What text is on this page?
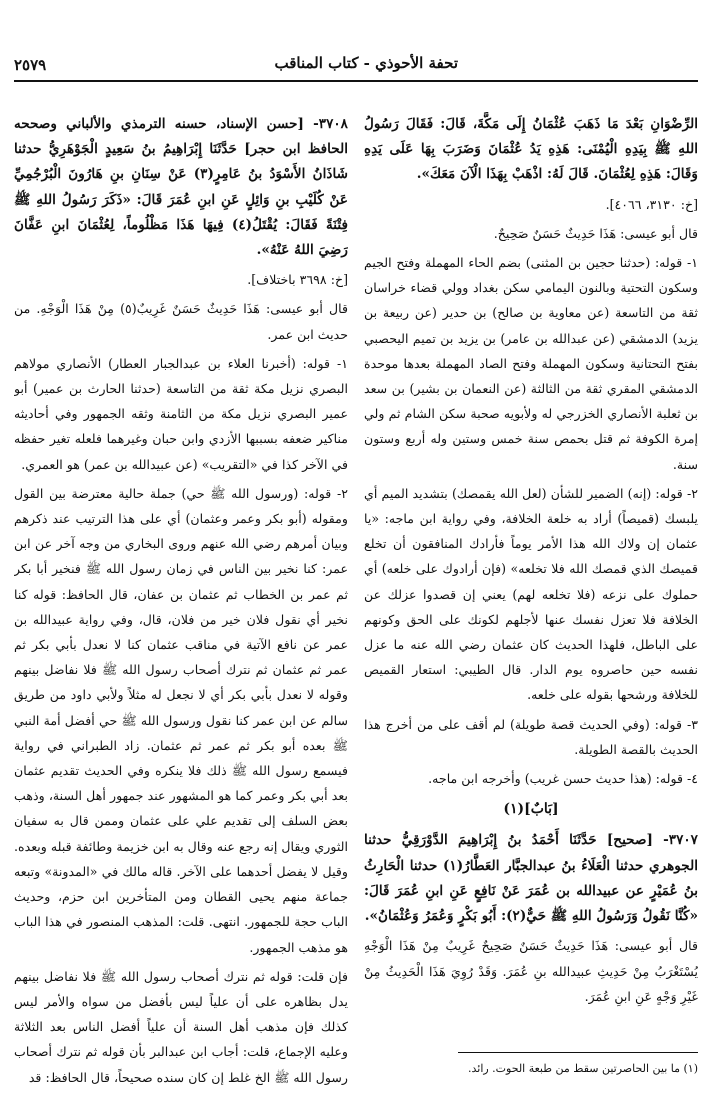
٢٥٧٩	تحفة الأحوذي - كتاب المناقب

الرِّضْوَانِ بَعْدَ مَا ذَهَبَ عُثْمَانُ إِلَى مَكَّةَ، قَالَ: فَقَالَ رَسُولُ اللهِ ﷺ بِيَدِهِ الْيُمْنَى: هَذِهِ يَدُ عُثْمَانَ وَضَرَبَ بِهَا عَلَى يَدِهِ وَقَالَ: هَذِهِ لِعُثْمَانَ. قَالَ لَهُ: اذْهَبْ بِهَذَا الْآنَ مَعَكَ».

[خ: ٣١٣٠، ٤٠٦٦].

قال أبو عيسى: هَذَا حَدِيثٌ حَسَنٌ صَحِيحٌ.

١- قوله: (حدثنا حجين بن المثنى) بضم الحاء المهملة وفتح الجيم وسكون التحتية وبالنون اليمامي سكن بغداد وولي قضاء خراسان ثقة من التاسعة (عن معاوية بن صالح) بن حدير (عن ربيعة بن يزيد) الدمشقي (عن عبدالله بن عامر) بن يزيد بن تميم اليحصبي بفتح التحتانية وسكون المهملة وفتح الصاد المهملة بعدها موحدة الدمشقي المقري ثقة من الثالثة (عن النعمان بن بشير) بن سعد بن ثعلبة الأنصاري الخزرجي له ولأبويه صحبة سكن الشام ثم ولي إمرة الكوفة ثم قتل بحمص سنة خمس وستين وله أربع وستون سنة.

٢- قوله: (إنه) الضمير للشأن (لعل الله يقمصك) بتشديد الميم أي يلبسك (قميصاً) أراد به خلعة الخلافة، وفي رواية ابن ماجه: «يا عثمان إن ولاك الله هذا الأمر يوماً فأرادك المنافقون أن تخلع قميصك الذي قمصك الله فلا تخلعه» (فإن أرادوك على خلعه) أي حملوك على نزعه (فلا تخلعه لهم) يعني إن قصدوا عزلك عن الخلافة فلا تعزل نفسك عنها لأجلهم لكونك على الحق وكونهم على الباطل، فلهذا الحديث كان عثمان رضي الله عنه ما عزل نفسه حين حاصروه يوم الدار. قال الطيبي: استعار القميص للخلافة ورشحها بقوله على خلعه.

٣- قوله: (وفي الحديث قصة طويلة) لم أقف على من أخرج هذا الحديث بالقصة الطويلة.

٤- قوله: (هذا حديث حسن غريب) وأخرجه ابن ماجه.

[بَابٌ](١)

٣٧٠٧- [صحيح] حَدَّثَنَا أَحْمَدُ بنُ إِبْرَاهِيمَ الدَّوْرَقِيُّ حدثنا الجوهري حدثنا الْعَلَاءُ بنُ عبدالجبَّار العَطَّارُ(١) حدثنا الْحَارِثُ بنُ عُمَيْرٍ عن عبيدالله بن عُمَرَ عَنْ نَافِعٍ عَنِ ابنِ عُمَرَ قَالَ: «كُنَّا نَقُولُ وَرَسُولُ اللهِ ﷺ حَيٌّ(٢): أَبُو بَكْرٍ وَعُمَرُ وَعُثْمَانُ».

قال أبو عيسى: هَذَا حَدِيثٌ حَسَنٌ صَحِيحٌ غَرِيبٌ مِنْ هَذَا الْوَجْهِ يُسْتَغْرَبُ مِنْ حَدِيثِ عبيدالله بنِ عُمَرَ. وَقَدْ رُوِيَ هَذَا الْحَدِيثُ مِنْ غَيْرِ وَجْهٍ عَنِ ابنِ عُمَرَ.

٣٧٠٨- [حسن الإسناد، حسنه الترمذي والألباني وصححه الحافظ ابن حجر] حَدَّثَنَا إِبْرَاهِيمُ بنُ سَعِيدٍ الْجَوْهَرِيُّ حدثنا شَاذَانُ الأَسْوَدُ بنُ عَامِرٍ(٣) عَنْ سِنَانِ بنِ هَارُونَ الْبُرْجُمِيِّ عَنْ كُلَيْبِ بنِ وَائِلٍ عَنِ ابنِ عُمَرَ قَالَ: «ذَكَرَ رَسُولُ اللهِ ﷺ فِتْنَةً فَقَالَ: يُقْتَلُ(٤) فِيهَا هَذَا مَظْلُوماً، لِعُثْمَانَ ابنِ عَفَّانَ رَضِيَ اللهُ عَنْهُ».

[خ: ٣٦٩٨ باختلاف].

قال أبو عيسى: هَذَا حَدِيثٌ حَسَنٌ غَرِيبٌ(٥) مِنْ هَذَا الْوَجْهِ. من حديث ابن عمر.

١- قوله: (أخبرنا العلاء بن عبدالجبار العطار) الأنصاري مولاهم البصري نزيل مكة ثقة من التاسعة (حدثنا الحارث بن عمير) أبو عمير البصري نزيل مكة من الثامنة وثقه الجمهور وفي أحاديثه مناكير ضعفه بسببها الأزدي وابن حبان وغيرهما فلعله تغير حفظه في الآخر كذا في «التقريب» (عن عبيدالله بن عمر) هو العمري.

٢- قوله: (ورسول الله ﷺ حي) جملة حالية معترضة بين القول ومقوله (أبو بكر وعمر وعثمان) أي على هذا الترتيب عند ذكرهم وبيان أمرهم رضي الله عنهم وروى البخاري من وجه آخر عن ابن عمر: كنا نخير بين الناس في زمان رسول الله ﷺ فنخير أبا بكر ثم عمر بن الخطاب ثم عثمان بن عفان، قال الحافظ: قوله كنا نخير أي نقول فلان خير من فلان، قال، وفي رواية عبيدالله بن عمر عن نافع الآتية في مناقب عثمان كنا لا نعدل بأبي بكر ثم عمر ثم عثمان ثم نترك أصحاب رسول الله ﷺ فلا نفاضل بينهم وقوله لا نعدل بأبي بكر أي لا نجعل له مثلاً ولأبي داود من طريق سالم عن ابن عمر كنا نقول ورسول الله ﷺ حي أفضل أمة النبي ﷺ بعده أبو بكر ثم عمر ثم عثمان. زاد الطبراني في رواية فيسمع رسول الله ﷺ ذلك فلا ينكره وفي الحديث تقديم عثمان بعد أبي بكر وعمر كما هو المشهور عند جمهور أهل السنة، وذهب بعض السلف إلى تقديم علي على عثمان وممن قال به سفيان الثوري ويقال إنه رجع عنه وقال به ابن خزيمة وطائفة قبله وبعده. وقيل لا يفضل أحدهما على الآخر. قاله مالك في «المدونة» وتبعه جماعة منهم يحيى القطان ومن المتأخرين ابن حزم، وحديث الباب حجة للجمهور. انتهى. قلت: المذهب المنصور في هذا الباب هو مذهب الجمهور.

فإن قلت: قوله ثم نترك أصحاب رسول الله ﷺ فلا نفاضل بينهم يدل بظاهره على أن علياً ليس بأفضل من سواه والأمر ليس كذلك فإن مذهب أهل السنة أن علياً أفضل الناس بعد الثلاثة وعليه الإجماع، قلت: أجاب ابن عبدالبر بأن قوله ثم نترك أصحاب رسول الله ﷺ الخ غلط إن كان سنده صحيحاً، قال الحافظ: قد

(١) ما بين الحاصرتين سقط من طبعة الحوت. رائد.
